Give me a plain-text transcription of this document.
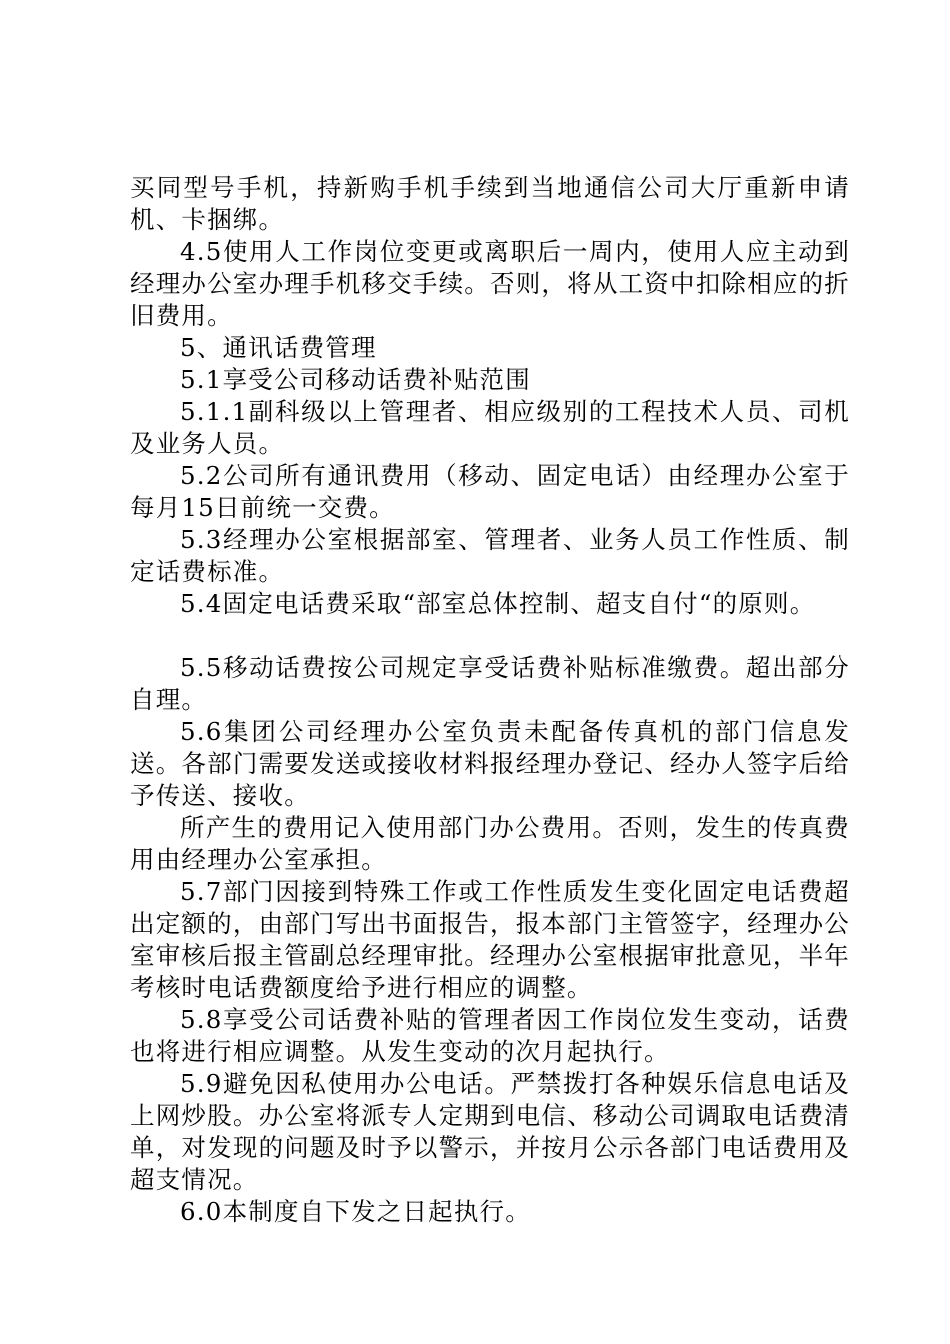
买同型号手机，持新购手机手续到当地通信公司大厅重新申请机、卡捆绑。

4.5使用人工作岗位变更或离职后一周内，使用人应主动到经理办公室办理手机移交手续。否则，将从工资中扣除相应的折旧费用。

5、通讯话费管理

5.1享受公司移动话费补贴范围

5.1.1副科级以上管理者、相应级别的工程技术人员、司机及业务人员。

5.2公司所有通讯费用（移动、固定电话）由经理办公室于每月15日前统一交费。

5.3经理办公室根据部室、管理者、业务人员工作性质、制定话费标准。

5.4固定电话费采取“部室总体控制、超支自付“的原则。

5.5移动话费按公司规定享受话费补贴标准缴费。超出部分自理。

5.6集团公司经理办公室负责未配备传真机的部门信息发送。各部门需要发送或接收材料报经理办登记、经办人签字后给予传送、接收。

所产生的费用记入使用部门办公费用。否则，发生的传真费用由经理办公室承担。

5.7部门因接到特殊工作或工作性质发生变化固定电话费超出定额的，由部门写出书面报告，报本部门主管签字，经理办公室审核后报主管副总经理审批。经理办公室根据审批意见，半年考核时电话费额度给予进行相应的调整。

5.8享受公司话费补贴的管理者因工作岗位发生变动，话费也将进行相应调整。从发生变动的次月起执行。

5.9避免因私使用办公电话。严禁拨打各种娱乐信息电话及上网炒股。办公室将派专人定期到电信、移动公司调取电话费清单，对发现的问题及时予以警示，并按月公示各部门电话费用及超支情况。

6.0本制度自下发之日起执行。
